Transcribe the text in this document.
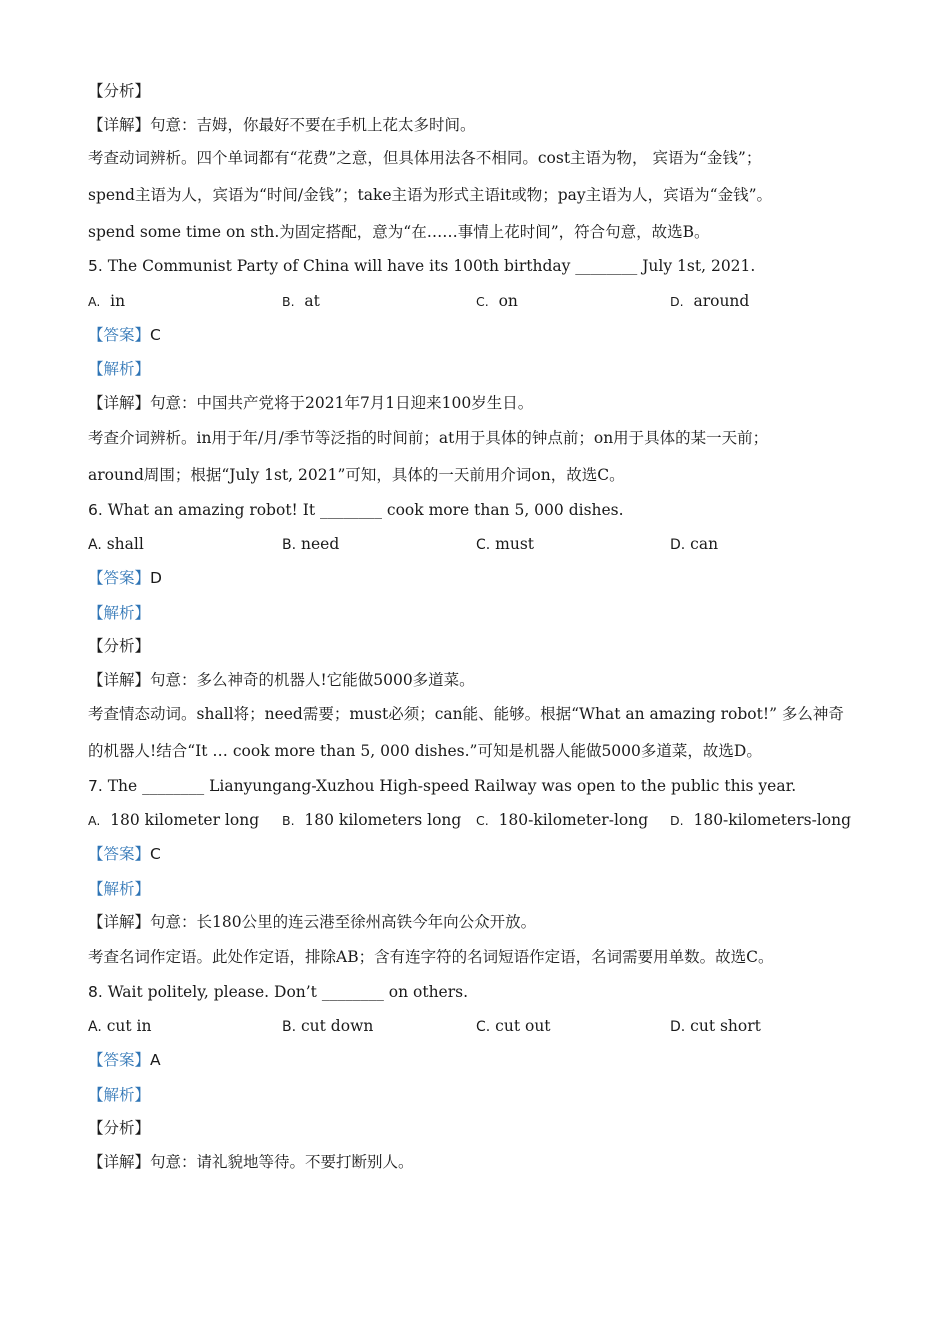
【分析】
【详解】句意：吉姆，你最好不要在手机上花太多时间。
考查动词辨析。四个单词都有“花费”之意，但具体用法各不相同。cost主语为物， 宾语为“金钱”；
spend主语为人，宾语为“时间/金钱”；take主语为形式主语it或物；pay主语为人，宾语为“金钱”。
spend some time on sth.为固定搭配，意为“在……事情上花时间”，符合句意，故选B。
5. The Communist Party of China will have its 100th birthday ________ July 1st, 2021.
A. in	B. at	C. on	D. around
【答案】C
【解析】
【详解】句意：中国共产党将于2021年7月1日迎来100岁生日。
考查介词辨析。in用于年/月/季节等泛指的时间前；at用于具体的钟点前；on用于具体的某一天前；
around周围；根据“July 1st, 2021”可知，具体的一天前用介词on，故选C。
6. What an amazing robot! It ________ cook more than 5, 000 dishes.
A. shall	B. need	C. must	D. can
【答案】D
【解析】
【分析】
【详解】句意：多么神奇的机器人!它能做5000多道菜。
考查情态动词。shall将；need需要；must必须；can能、能够。根据“What an amazing robot!” 多么神奇
的机器人!结合“It … cook more than 5, 000 dishes.”可知是机器人能做5000多道菜，故选D。
7. The ________ Lianyungang-Xuzhou High-speed Railway was open to the public this year.
A. 180 kilometer long B. 180 kilometers long C. 180-kilometer-long D. 180-kilometers-long
【答案】C
【解析】
【详解】句意：长180公里的连云港至徐州高铁今年向公众开放。
考查名词作定语。此处作定语，排除AB；含有连字符的名词短语作定语，名词需要用单数。故选C。
8. Wait politely, please. Don’t ________ on others.
A. cut in	B. cut down	C. cut out	D. cut short
【答案】A
【解析】
【分析】
【详解】句意：请礼貌地等待。不要打断别人。
